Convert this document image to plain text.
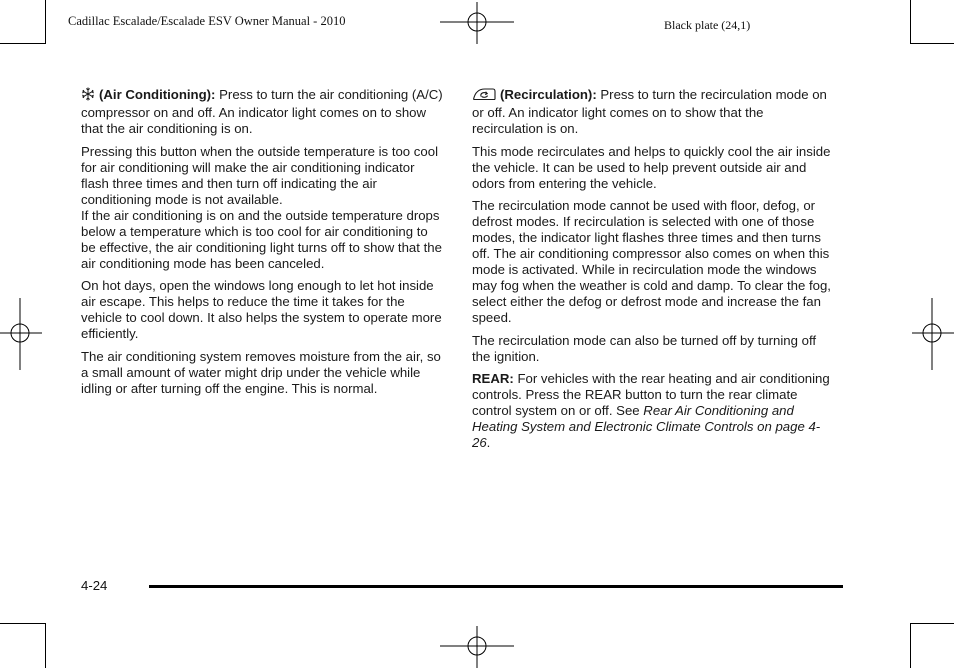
Cadillac Escalade/Escalade ESV Owner Manual - 2010	Black plate (24,1)

(Air Conditioning): Press to turn the air conditioning (A/C) compressor on and off. An indicator light comes on to show that the air conditioning is on.

Pressing this button when the outside temperature is too cool for air conditioning will make the air conditioning indicator flash three times and then turn off indicating the air conditioning mode is not available.

If the air conditioning is on and the outside temperature drops below a temperature which is too cool for air conditioning to be effective, the air conditioning light turns off to show that the air conditioning mode has been canceled.

On hot days, open the windows long enough to let hot inside air escape. This helps to reduce the time it takes for the vehicle to cool down. It also helps the system to operate more efficiently.

The air conditioning system removes moisture from the air, so a small amount of water might drip under the vehicle while idling or after turning off the engine. This is normal.

(Recirculation): Press to turn the recirculation mode on or off. An indicator light comes on to show that the recirculation is on.

This mode recirculates and helps to quickly cool the air inside the vehicle. It can be used to help prevent outside air and odors from entering the vehicle.

The recirculation mode cannot be used with floor, defog, or defrost modes. If recirculation is selected with one of those modes, the indicator light flashes three times and then turns off. The air conditioning compressor also comes on when this mode is activated. While in recirculation mode the windows may fog when the weather is cold and damp. To clear the fog, select either the defog or defrost mode and increase the fan speed.

The recirculation mode can also be turned off by turning off the ignition.

REAR: For vehicles with the rear heating and air conditioning controls. Press the REAR button to turn the rear climate control system on or off. See Rear Air Conditioning and Heating System and Electronic Climate Controls on page 4-26.

4-24
